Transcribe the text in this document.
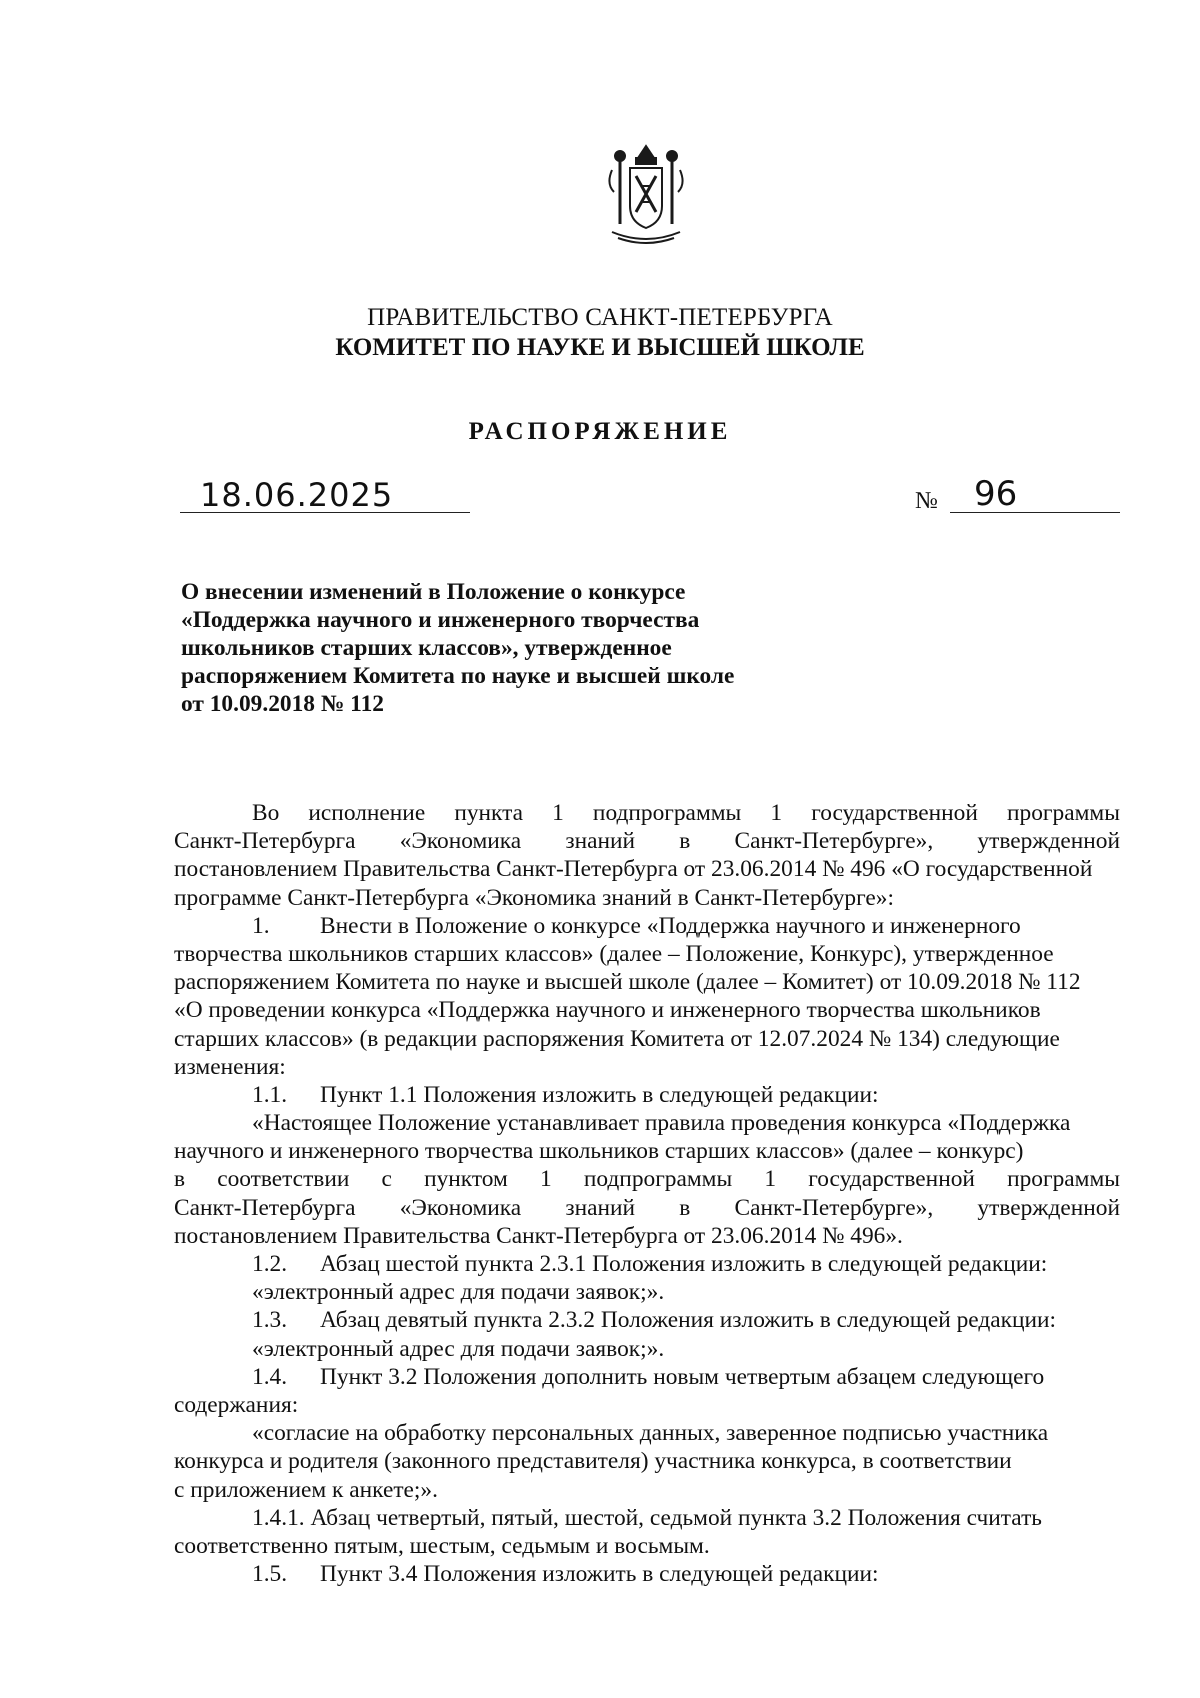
ПРАВИТЕЛЬСТВО САНКТ-ПЕТЕРБУРГА
КОМИТЕТ ПО НАУКЕ И ВЫСШЕЙ ШКОЛЕ
РАСПОРЯЖЕНИЕ
18.06.2025	№ 96
О внесении изменений в Положение о конкурсе
«Поддержка научного и инженерного творчества
школьников старших классов», утвержденное
распоряжением Комитета по науке и высшей школе
от 10.09.2018 № 112
Во исполнение пункта 1 подпрограммы 1 государственной программы
Санкт-Петербурга «Экономика знаний в Санкт-Петербурге», утвержденной
постановлением Правительства Санкт-Петербурга от 23.06.2014 № 496 «О государственной
программе Санкт-Петербурга «Экономика знаний в Санкт-Петербурге»:
1. Внести в Положение о конкурсе «Поддержка научного и инженерного
творчества школьников старших классов» (далее – Положение, Конкурс), утвержденное
распоряжением Комитета по науке и высшей школе (далее – Комитет) от 10.09.2018 № 112
«О проведении конкурса «Поддержка научного и инженерного творчества школьников
старших классов» (в редакции распоряжения Комитета от 12.07.2024 № 134) следующие
изменения:
1.1. Пункт 1.1 Положения изложить в следующей редакции:
«Настоящее Положение устанавливает правила проведения конкурса «Поддержка
научного и инженерного творчества школьников старших классов» (далее – конкурс)
в соответствии с пунктом 1 подпрограммы 1 государственной программы
Санкт-Петербурга «Экономика знаний в Санкт-Петербурге», утвержденной
постановлением Правительства Санкт-Петербурга от 23.06.2014 № 496».
1.2. Абзац шестой пункта 2.3.1 Положения изложить в следующей редакции:
«электронный адрес для подачи заявок;».
1.3. Абзац девятый пункта 2.3.2 Положения изложить в следующей редакции:
«электронный адрес для подачи заявок;».
1.4. Пункт 3.2 Положения дополнить новым четвертым абзацем следующего
содержания:
«согласие на обработку персональных данных, заверенное подписью участника
конкурса и родителя (законного представителя) участника конкурса, в соответствии
с приложением к анкете;».
1.4.1. Абзац четвертый, пятый, шестой, седьмой пункта 3.2 Положения считать
соответственно пятым, шестым, седьмым и восьмым.
1.5. Пункт 3.4 Положения изложить в следующей редакции:
